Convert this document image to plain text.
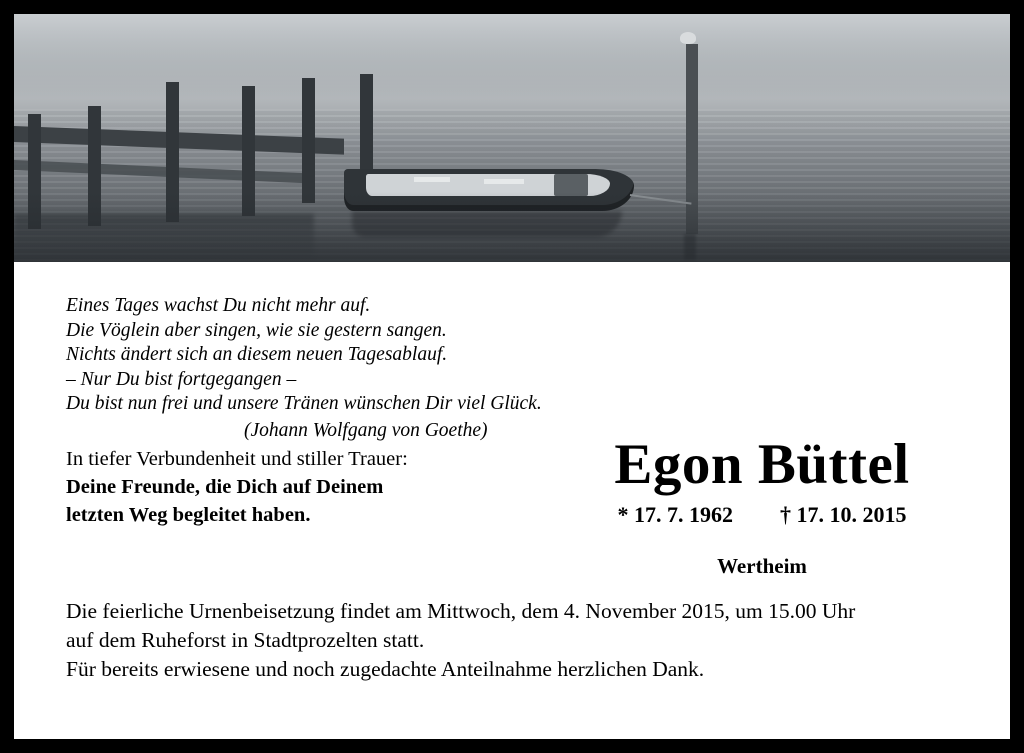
Eines Tages wachst Du nicht mehr auf.
Die Vöglein aber singen, wie sie gestern sangen.
Nichts ändert sich an diesem neuen Tagesablauf.
– Nur Du bist fortgegangen –
Du bist nun frei und unsere Tränen wünschen Dir viel Glück.
(Johann Wolfgang von Goethe)
In tiefer Verbundenheit und stiller Trauer:
Deine Freunde, die Dich auf Deinem
letzten Weg begleitet haben.
Egon Büttel
* 17. 7. 1962 † 17. 10. 2015
Wertheim

Die feierliche Urnenbeisetzung findet am Mittwoch, dem 4. November 2015, um 15.00 Uhr

auf dem Ruheforst in Stadtprozelten statt.

Für bereits erwiesene und noch zugedachte Anteilnahme herzlichen Dank.
